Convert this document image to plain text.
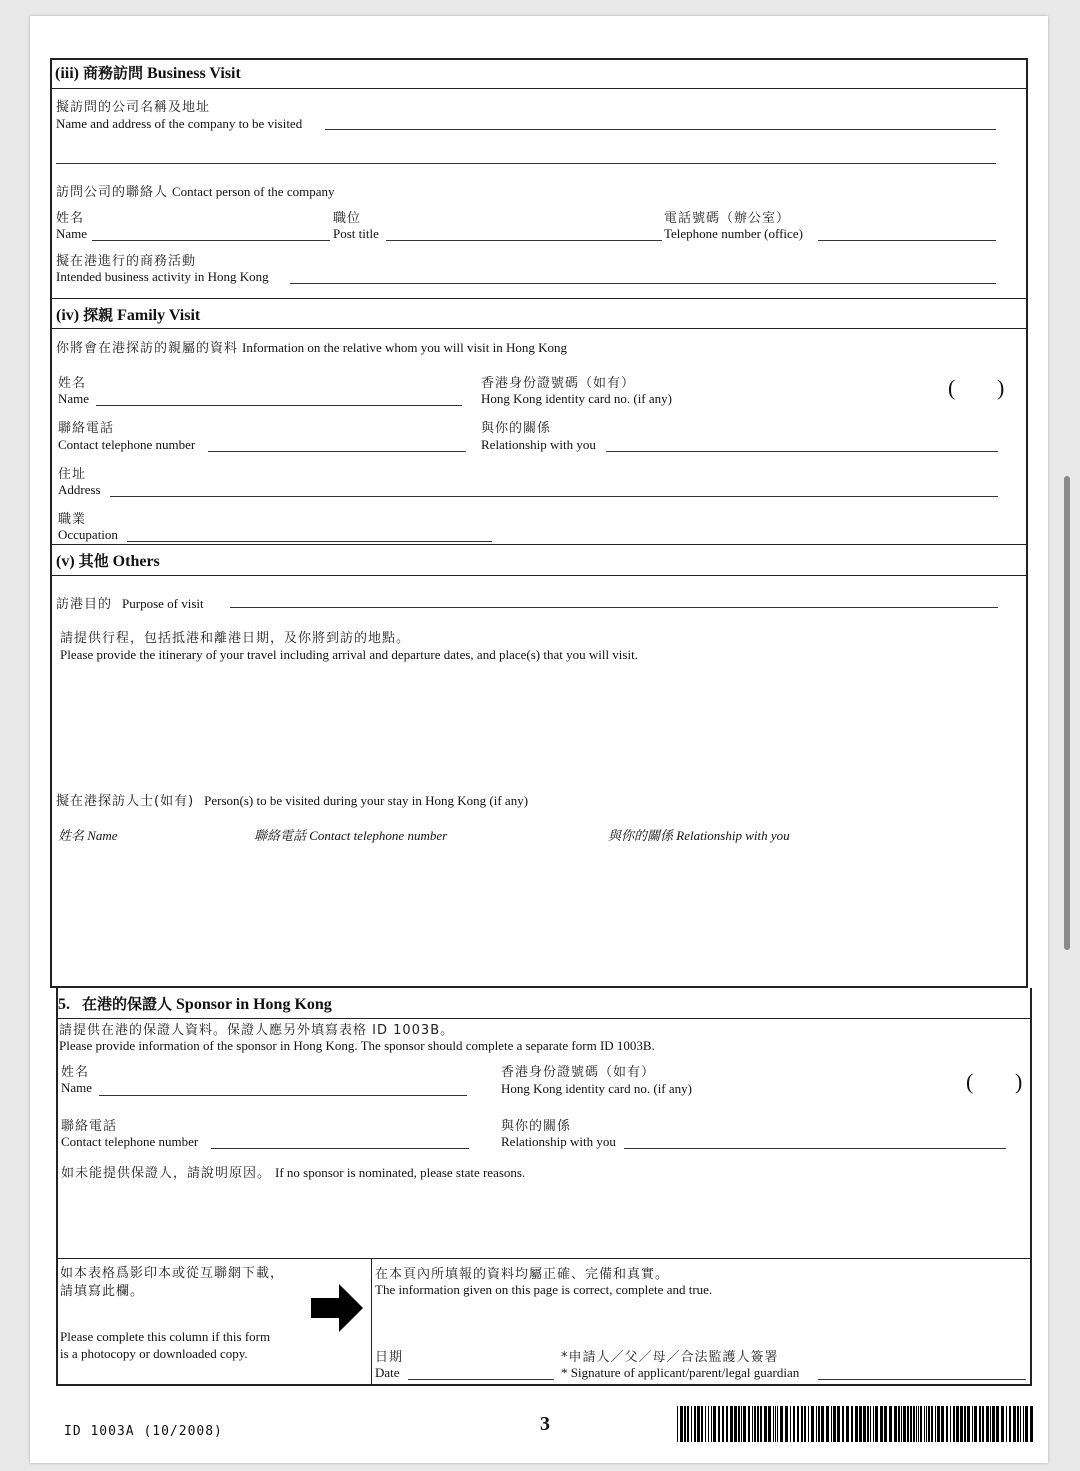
(iii) 商務訪問 Business Visit
擬訪問的公司名稱及地址
Name and address of the company to be visited
訪問公司的聯絡人 Contact person of the company
姓名
Name
職位
Post title
電話號碼（辦公室）
Telephone number (office)
擬在港進行的商務活動
Intended business activity in Hong Kong
(iv) 探親 Family Visit
你將會在港探訪的親屬的資料 Information on the relative whom you will visit in Hong Kong
姓名
Name
香港身份證號碼（如有）
Hong Kong identity card no. (if any)	( )
聯絡電話
Contact telephone number
與你的關係
Relationship with you
住址
Address
職業
Occupation
(v) 其他 Others
訪港目的 Purpose of visit
請提供行程，包括抵港和離港日期，及你將到訪的地點。
Please provide the itinerary of your travel including arrival and departure dates, and place(s) that you will visit.
擬在港探訪人士(如有) Person(s) to be visited during your stay in Hong Kong (if any)
姓名 Name	聯絡電話 Contact telephone number	與你的關係 Relationship with you
5. 在港的保證人 Sponsor in Hong Kong
請提供在港的保證人資料。保證人應另外填寫表格 ID 1003B。
Please provide information of the sponsor in Hong Kong. The sponsor should complete a separate form ID 1003B.
姓名
Name
香港身份證號碼（如有）
Hong Kong identity card no. (if any)	( )
聯絡電話
Contact telephone number
與你的關係
Relationship with you
如未能提供保證人，請說明原因。 If no sponsor is nominated, please state reasons.
如本表格爲影印本或從互聯網下載，
請填寫此欄。
Please complete this column if this form
is a photocopy or downloaded copy.
在本頁內所填報的資料均屬正確、完備和真實。
The information given on this page is correct, complete and true.
日期
Date
*申請人／父／母／合法監護人簽署
* Signature of applicant/parent/legal guardian
ID 1003A (10/2008)	3
